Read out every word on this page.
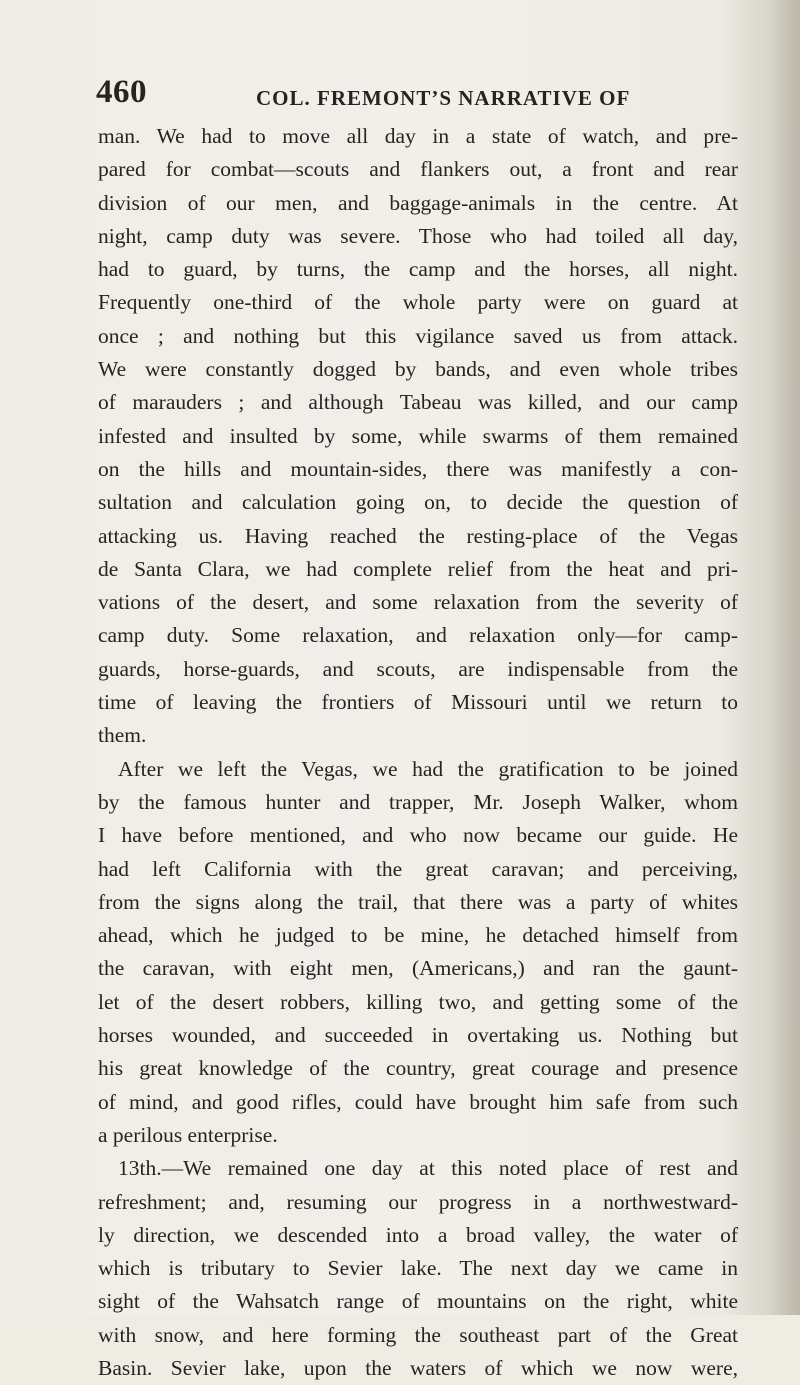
460	COL. FREMONT’S NARRATIVE OF
man. We had to move all day in a state of watch, and pre-
pared for combat—scouts and flankers out, a front and rear
division of our men, and baggage-animals in the centre. At
night, camp duty was severe. Those who had toiled all day,
had to guard, by turns, the camp and the horses, all night.
Frequently one-third of the whole party were on guard at
once ; and nothing but this vigilance saved us from attack.
We were constantly dogged by bands, and even whole tribes
of marauders ; and although Tabeau was killed, and our camp
infested and insulted by some, while swarms of them remained
on the hills and mountain-sides, there was manifestly a con-
sultation and calculation going on, to decide the question of
attacking us. Having reached the resting-place of the Vegas
de Santa Clara, we had complete relief from the heat and pri-
vations of the desert, and some relaxation from the severity of
camp duty. Some relaxation, and relaxation only—for camp-
guards, horse-guards, and scouts, are indispensable from the
time of leaving the frontiers of Missouri until we return to
them.
After we left the Vegas, we had the gratification to be joined
by the famous hunter and trapper, Mr. Joseph Walker, whom
I have before mentioned, and who now became our guide. He
had left California with the great caravan; and perceiving,
from the signs along the trail, that there was a party of whites
ahead, which he judged to be mine, he detached himself from
the caravan, with eight men, (Americans,) and ran the gaunt-
let of the desert robbers, killing two, and getting some of the
horses wounded, and succeeded in overtaking us. Nothing but
his great knowledge of the country, great courage and presence
of mind, and good rifles, could have brought him safe from such
a perilous enterprise.
13th.—We remained one day at this noted place of rest and
refreshment; and, resuming our progress in a northwestward-
ly direction, we descended into a broad valley, the water of
which is tributary to Sevier lake. The next day we came in
sight of the Wahsatch range of mountains on the right, white
with snow, and here forming the southeast part of the Great
Basin. Sevier lake, upon the waters of which we now were,
